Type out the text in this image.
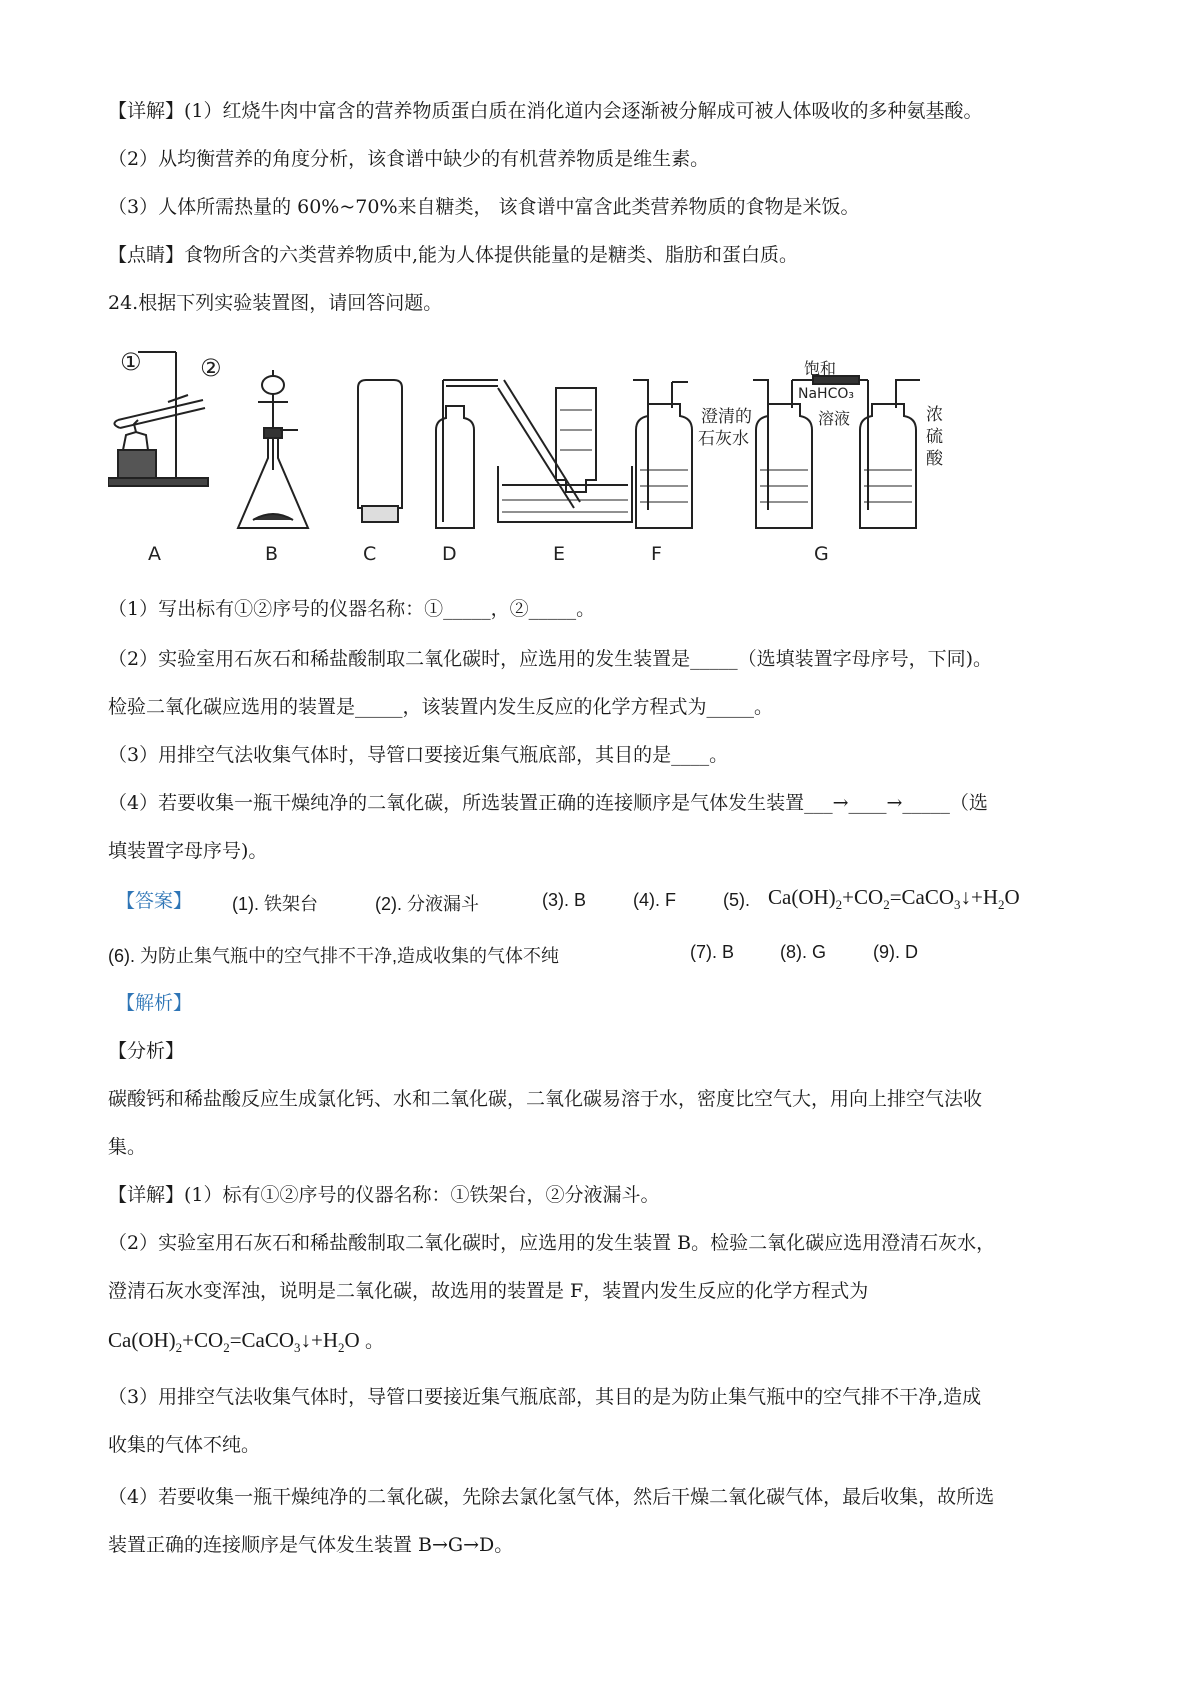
【详解】(1）红烧牛肉中富含的营养物质蛋白质在消化道内会逐渐被分解成可被人体吸收的多种氨基酸。
（2）从均衡营养的角度分析，该食谱中缺少的有机营养物质是维生素。
（3）人体所需热量的 60%~70%来自糖类， 该食谱中富含此类营养物质的食物是米饭。
【点睛】食物所含的六类营养物质中,能为人体提供能量的是糖类、脂肪和蛋白质。
24.根据下列实验装置图，请回答问题。
① ②
澄清的
石灰水
饱和
NaHCO₃
溶液	浓
硫
酸
A	B	C	D	E	F	G
（1）写出标有①②序号的仪器名称：①_____，②_____。
（2）实验室用石灰石和稀盐酸制取二氧化碳时，应选用的发生装置是_____（选填装置字母序号，下同)。
检验二氧化碳应选用的装置是_____，该装置内发生反应的化学方程式为_____。
（3）用排空气法收集气体时，导管口要接近集气瓶底部，其目的是____。
（4）若要收集一瓶干燥纯净的二氧化碳，所选装置正确的连接顺序是气体发生装置___→____→_____（选
填装置字母序号)。
【答案】	(1). 铁架台	(2). 分液漏斗	(3). B	(4). F	(5). $Ca(OH)_2+CO_2=CaCO_3↓+H_2O$
(6). 为防止集气瓶中的空气排不干净,造成收集的气体不纯	(7). B	(8). G	(9). D
【解析】
【分析】
碳酸钙和稀盐酸反应生成氯化钙、水和二氧化碳，二氧化碳易溶于水，密度比空气大，用向上排空气法收
集。
【详解】(1）标有①②序号的仪器名称：①铁架台，②分液漏斗。
（2）实验室用石灰石和稀盐酸制取二氧化碳时，应选用的发生装置 B。检验二氧化碳应选用澄清石灰水，
澄清石灰水变浑浊，说明是二氧化碳，故选用的装置是 F，装置内发生反应的化学方程式为
$Ca(OH)_2+CO_2=CaCO_3↓+H_2O$ 。
（3）用排空气法收集气体时，导管口要接近集气瓶底部，其目的是为防止集气瓶中的空气排不干净,造成
收集的气体不纯。
（4）若要收集一瓶干燥纯净的二氧化碳，先除去氯化氢气体，然后干燥二氧化碳气体，最后收集，故所选
装置正确的连接顺序是气体发生装置 B→G→D。
